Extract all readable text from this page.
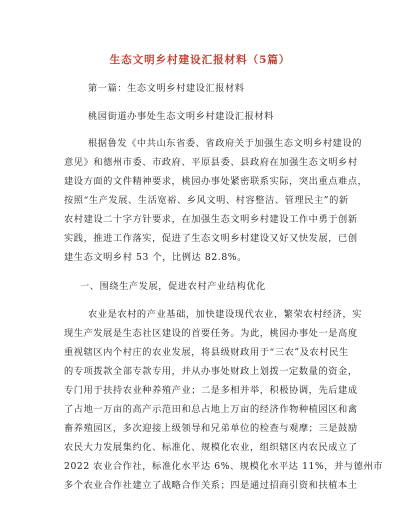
生态文明乡村建设汇报材料（5篇）
第一篇：生态文明乡村建设汇报材料
桃园街道办事处生态文明乡村建设汇报材料
根据鲁发《中共山东省委、省政府关于加强生态文明乡村建设的
意见》和德州市委、市政府、平原县委、县政府在加强生态文明乡村
建设方面的文件精神要求，桃园办事处紧密联系实际，突出重点难点，
按照“生产发展、生活宽裕、乡风文明、村容整洁、管理民主”的新
农村建设二十字方针要求，在加强生态文明乡村建设工作中勇于创新
实践，推进工作落实，促进了生态文明乡村建设又好又快发展，已创
建生态文明乡村 53 个，比例达 82.8%。
一、围绕生产发展，促进农村产业结构优化
农业是农村的产业基础，加快建设现代农业，繁荣农村经济，实
现生产发展是生态社区建设的首要任务。为此，桃园办事处一是高度
重视辖区内个村庄的农业发展，将县级财政用于“三农”及农村民生
的专项拨款全部专款专用，并从办事处财政上划拨一定数量的资金，
专门用于扶持农业种养殖产业；二是多相并举，积极协调，先后建成
了占地一万亩的高产示范田和总占地上万亩的经济作物种植园区和禽
畜养殖园区，多次迎接上级领导和兄弟单位的检查与观摩；三是鼓励
农民大力发展集约化、标准化、规模化农业，组织辖区内农民成立了
2022 农业合作社，标准化水平达 6%、规模化水平达 11%，并与德州市
多个农业合作社建立了战略合作关系；四是通过招商引资和扶植本土
